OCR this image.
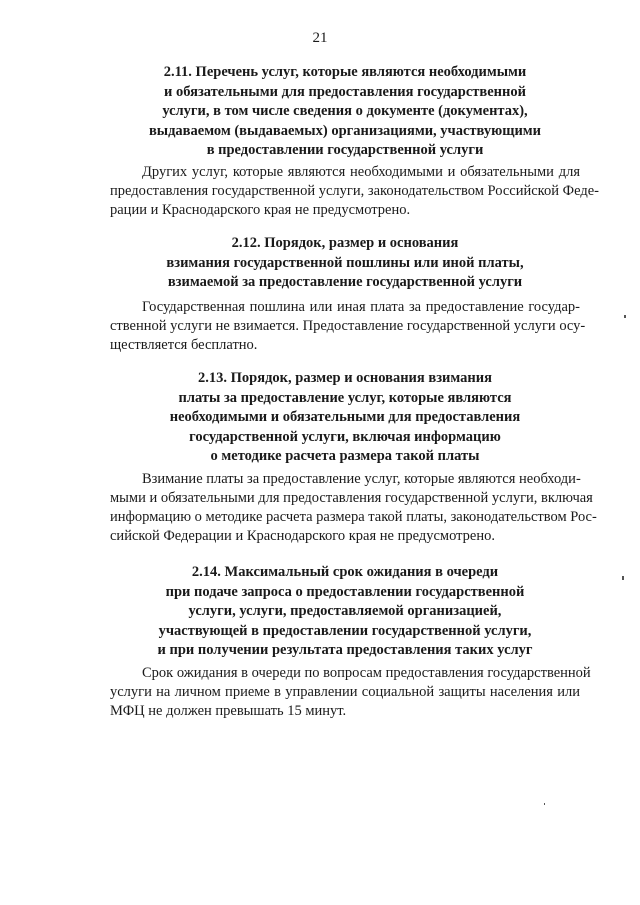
21
2.11. Перечень услуг, которые являются необходимыми
и обязательными для предоставления государственной
услуги, в том числе сведения о документе (документах),
выдаваемом (выдаваемых) организациями, участвующими
в предоставлении государственной услуги
Других услуг, которые являются необходимыми и обязательными для
предоставления государственной услуги, законодательством Российской Феде-
рации и Краснодарского края не предусмотрено.
2.12. Порядок, размер и основания
взимания государственной пошлины или иной платы,
взимаемой за предоставление государственной услуги
Государственная пошлина или иная плата за предоставление государ-
ственной услуги не взимается. Предоставление государственной услуги осу-
ществляется бесплатно.
2.13. Порядок, размер и основания взимания
платы за предоставление услуг, которые являются
необходимыми и обязательными для предоставления
государственной услуги, включая информацию
о методике расчета размера такой платы
Взимание платы за предоставление услуг, которые являются необходи-
мыми и обязательными для предоставления государственной услуги, включая
информацию о методике расчета размера такой платы, законодательством Рос-
сийской Федерации и Краснодарского края не предусмотрено.
2.14. Максимальный срок ожидания в очереди
при подаче запроса о предоставлении государственной
услуги, услуги, предоставляемой организацией,
участвующей в предоставлении государственной услуги,
и при получении результата предоставления таких услуг
Срок ожидания в очереди по вопросам предоставления государственной
услуги на личном приеме в управлении социальной защиты населения или
МФЦ не должен превышать 15 минут.
